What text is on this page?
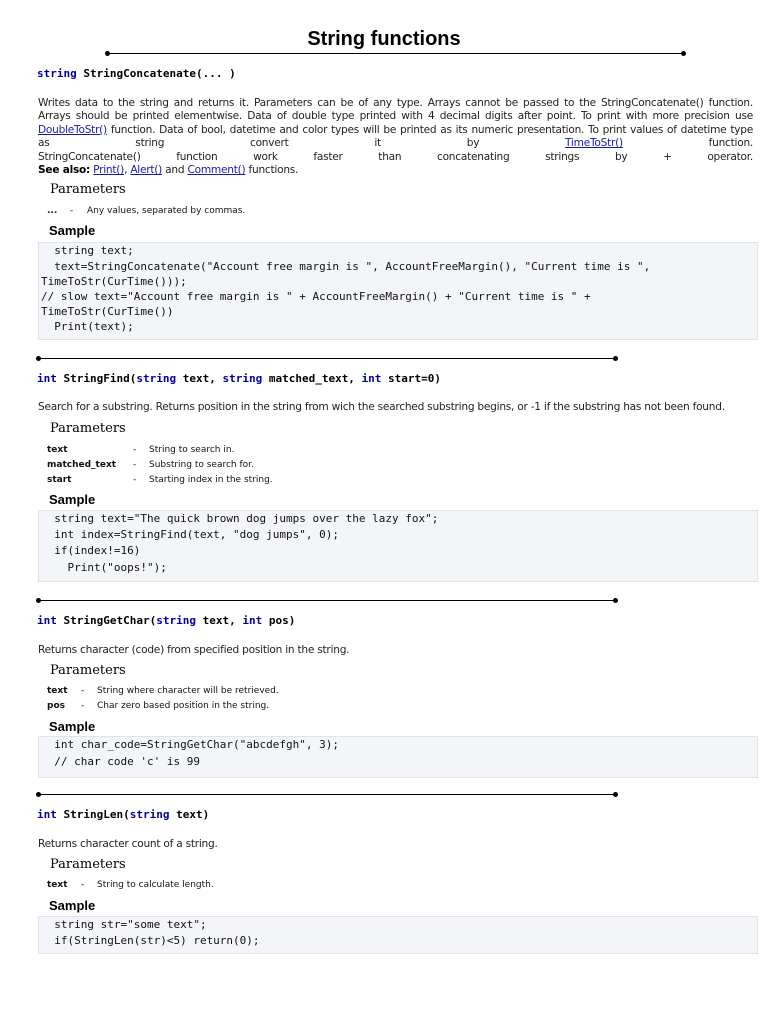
String functions
string StringConcatenate(... )
Writes data to the string and returns it. Parameters can be of any type. Arrays cannot be passed to the StringConcatenate() function.
Arrays should be printed elementwise. Data of double type printed with 4 decimal digits after point. To print with more precision use
DoubleToStr() function. Data of bool, datetime and color types will be printed as its numeric presentation. To print values of datetime type
as	string	convert	it	by	TimeToStr()	function.
StringConcatenate()	function	work	faster	than	concatenating	strings	by	+	operator.
See also: Print(), Alert() and Comment() functions.
Parameters
... - Any values, separated by commas.
Sample
string text;
text=StringConcatenate("Account free margin is ", AccountFreeMargin(), "Current time is ",
TimeToStr(CurTime()));
// slow text="Account free margin is " + AccountFreeMargin() + "Current time is " +
TimeToStr(CurTime())
Print(text);
int StringFind(string text, string matched_text, int start=0)
Search for a substring. Returns position in the string from wich the searched substring begins, or -1 if the substring has not been found.
Parameters
text	- String to search in.
matched_text - Substring to search for.
start	- Starting index in the string.
Sample
string text="The quick brown dog jumps over the lazy fox";
int index=StringFind(text, "dog jumps", 0);
if(index!=16)
Print("oops!");
int StringGetChar(string text, int pos)
Returns character (code) from specified position in the string.
Parameters
text - String where character will be retrieved.
pos - Char zero based position in the string.
Sample
int char_code=StringGetChar("abcdefgh", 3);
// char code 'c' is 99
int StringLen(string text)
Returns character count of a string.
Parameters
text - String to calculate length.
Sample
string str="some text";
if(StringLen(str)<5) return(0);
